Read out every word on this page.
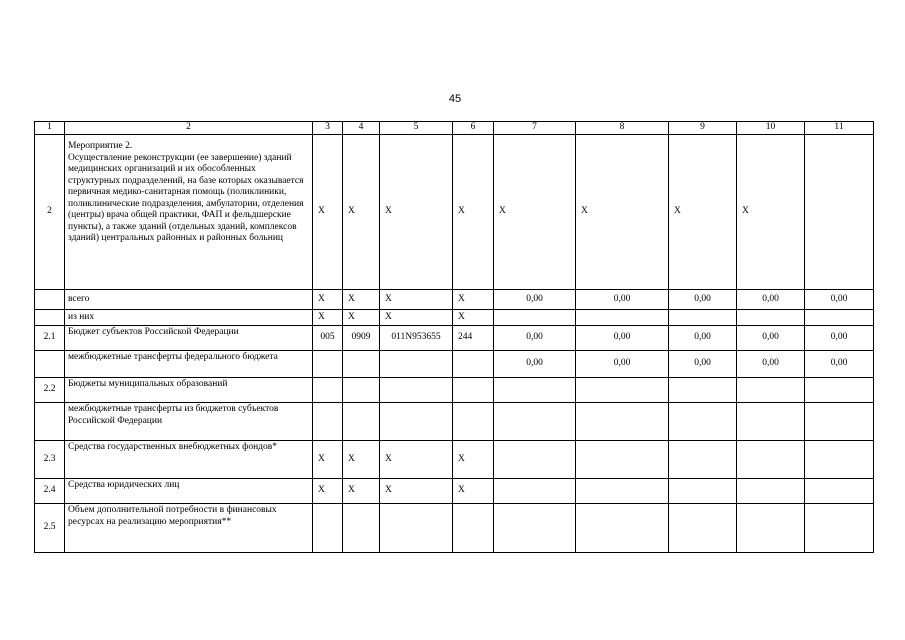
45
1	2	3	4	5	6	7	8	9	10	11
2	Мероприятие 2.
Осуществление реконструкции (ее завершение) зданий медицинских организаций и их обособленных структурных подразделений, на базе которых оказывается первичная медико-санитарная помощь (поликлиники, поликлинические подразделения, амбулатории, отделения (центры) врача общей практики, ФАП и фельдшерские пункты), а также зданий (отдельных зданий, комплексов зданий) центральных районных и районных больниц	X	X	X	X	X	X	X	X	
	всего	X	X	X	X	0,00	0,00	0,00	0,00	0,00
	из них	X	X	X	X					
2.1	Бюджет субъектов Российской Федерации	005	0909	011N953655	244	0,00	0,00	0,00	0,00	0,00
	межбюджетные трансферты федерального бюджета					0,00	0,00	0,00	0,00	0,00
2.2	Бюджеты муниципальных образований									
	межбюджетные трансферты из бюджетов субъектов Российской Федерации									
2.3	Средства государственных внебюджетных фондов*	X	X	X	X					
2.4	Средства юридических лиц	X	X	X	X					
2.5	Объем дополнительной потребности в финансовых ресурсах на реализацию мероприятия**									
